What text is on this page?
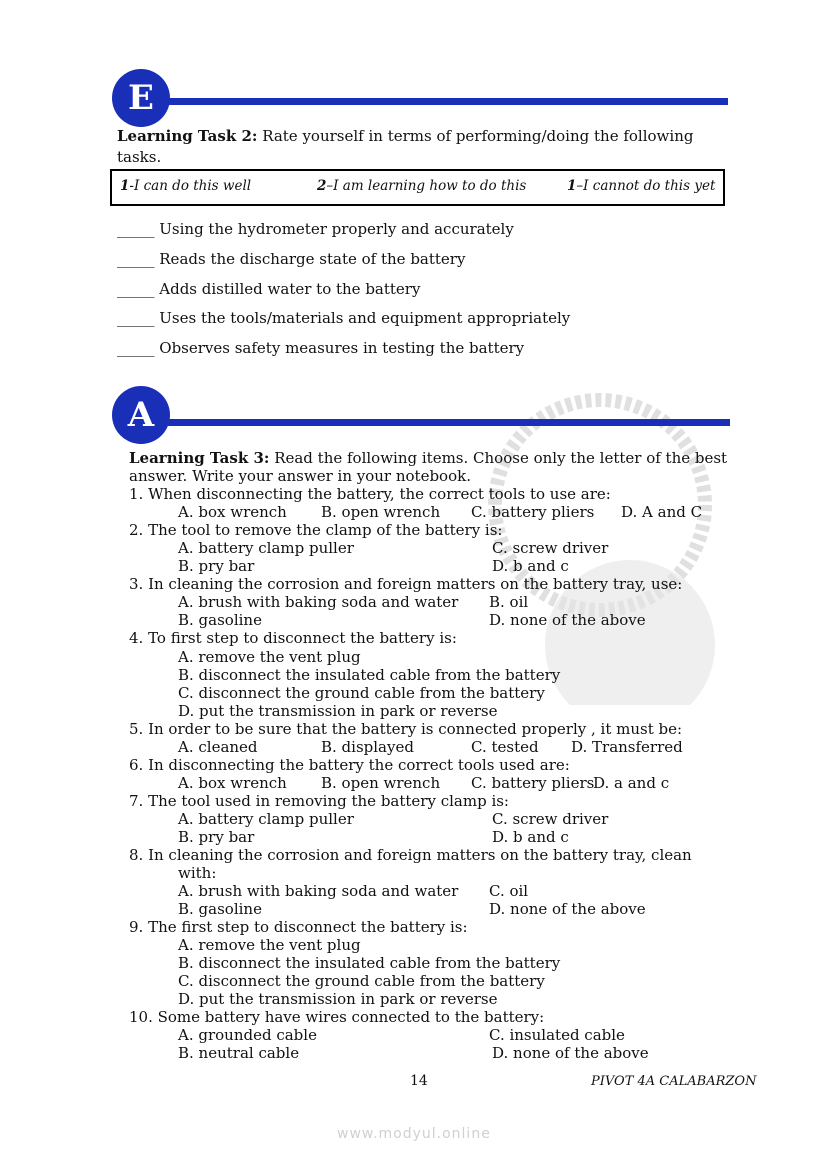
E
Learning Task 2: Rate yourself in terms of performing/doing the following
tasks.
1-I can do this well	2–I am learning how to do this	1–I cannot do this yet
_____ Using the hydrometer properly and accurately
_____ Reads the discharge state of the battery
_____ Adds distilled water to the battery
_____ Uses the tools/materials and equipment appropriately
_____ Observes safety measures in testing the battery
A
Learning Task 3: Read the following items. Choose only the letter of the best
answer. Write your answer in your notebook.
1. When disconnecting the battery, the correct tools to use are:
A. box wrench B. open wrench C. battery pliers D. A and C
2. The tool to remove the clamp of the battery is:
A. battery clamp puller	C. screw driver
B. pry bar	D. b and c
3. In cleaning the corrosion and foreign matters on the battery tray, use:
A. brush with baking soda and water B. oil
B. gasoline	D. none of the above
4. To first step to disconnect the battery is:
A. remove the vent plug
B. disconnect the insulated cable from the battery
C. disconnect the ground cable from the battery
D. put the transmission in park or reverse
5. In order to be sure that the battery is connected properly , it must be:
A. cleaned	B. displayed	C. tested D. Transferred
6. In disconnecting the battery the correct tools used are:
A. box wrench B. open wrench C. battery pliers
D. a and c
7. The tool used in removing the battery clamp is:
A. battery clamp puller	C. screw driver
B. pry bar	D. b and c
8. In cleaning the corrosion and foreign matters on the battery tray, clean
with:
A. brush with baking soda and water C. oil
B. gasoline	D. none of the above
9. The first step to disconnect the battery is:
A. remove the vent plug
B. disconnect the insulated cable from the battery
C. disconnect the ground cable from the battery
D. put the transmission in park or reverse
10. Some battery have wires connected to the battery:
A. grounded cable	C. insulated cable
B. neutral cable	D. none of the above
14	PIVOT 4A CALABARZON
www.modyul.online
